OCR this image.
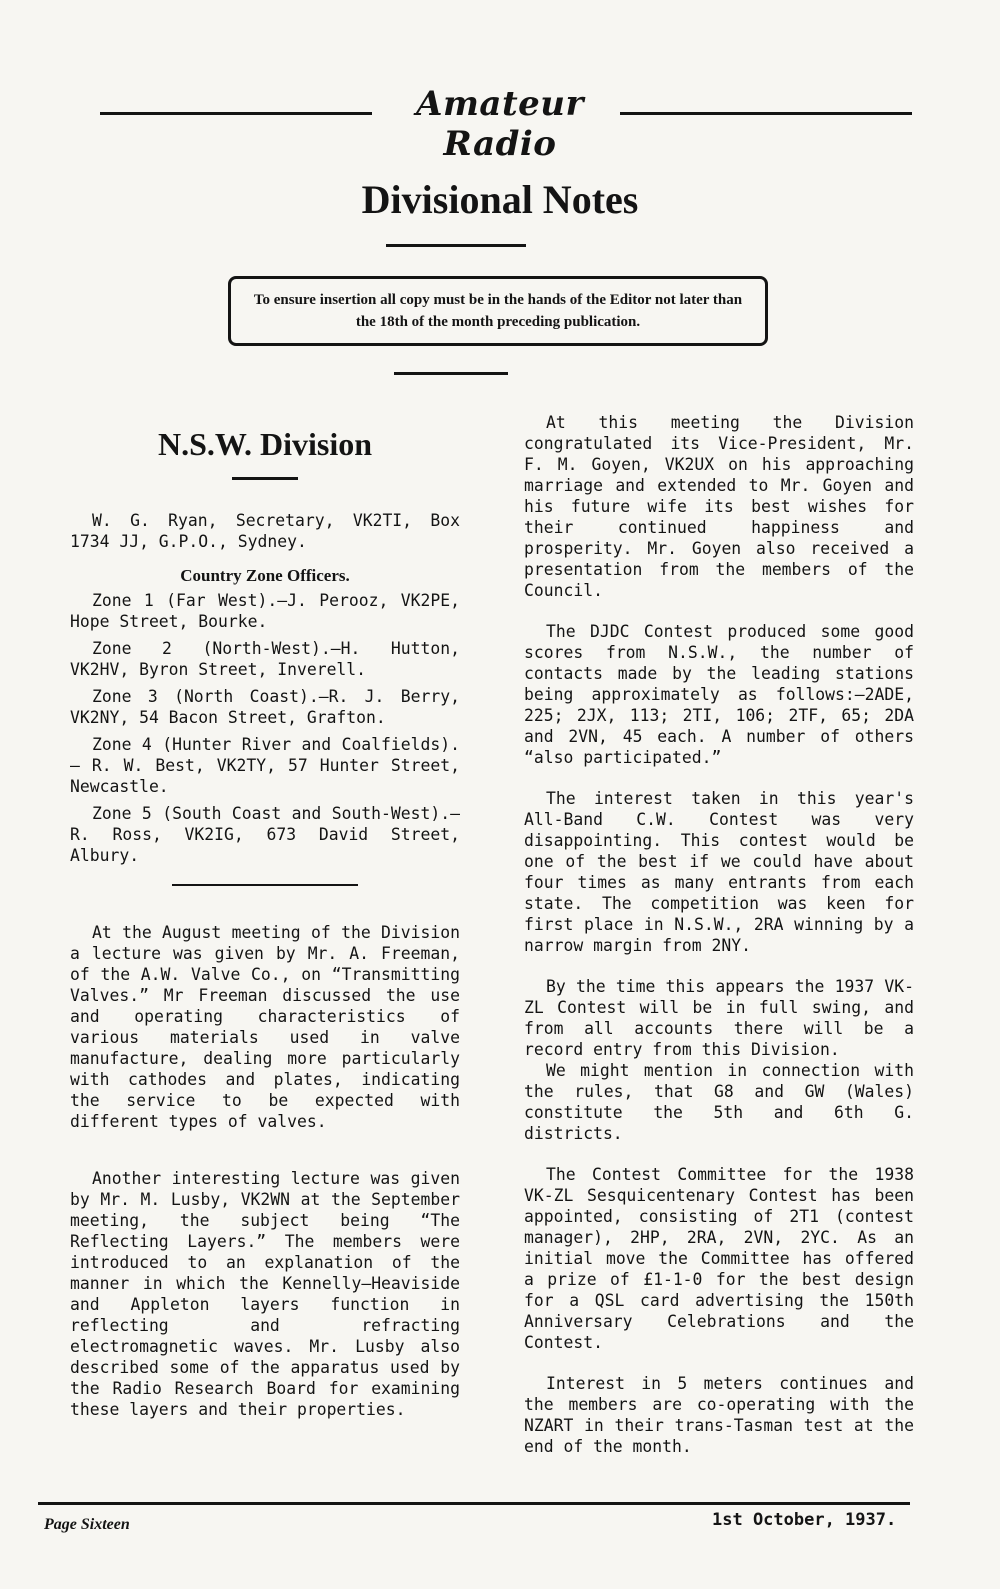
Amateur Radio
Divisional Notes
To ensure insertion all copy must be in the hands of the Editor not later than the 18th of the month preceding publication.
N.S.W. Division

W. G. Ryan, Secretary, VK2TI, Box 1734 JJ, G.P.O., Sydney.

Country Zone Officers.

Zone 1 (Far West).—J. Perooz, VK2PE, Hope Street, Bourke.

Zone 2 (North-West).—H. Hutton, VK2HV, Byron Street, Inverell.

Zone 3 (North Coast).—R. J. Berry, VK2NY, 54 Bacon Street, Grafton.

Zone 4 (Hunter River and Coalfields).— R. W. Best, VK2TY, 57 Hunter Street, Newcastle.

Zone 5 (South Coast and South-West).—R. Ross, VK2IG, 673 David Street, Albury.

At the August meeting of the Division a lecture was given by Mr. A. Freeman, of the A.W. Valve Co., on “Transmitting Valves.” Mr Freeman discussed the use and operating characteristics of various materials used in valve manufacture, dealing more particularly with cathodes and plates, indicating the service to be expected with different types of valves.

Another interesting lecture was given by Mr. M. Lusby, VK2WN at the September meeting, the subject being “The Reflecting Layers.” The members were introduced to an explanation of the manner in which the Kennelly—Heaviside and Appleton layers function in reflecting and refracting electromagnetic waves. Mr. Lusby also described some of the apparatus used by the Radio Research Board for examining these layers and their properties.

At this meeting the Division congratulated its Vice-President, Mr. F. M. Goyen, VK2UX on his approaching marriage and extended to Mr. Goyen and his future wife its best wishes for their continued happiness and prosperity. Mr. Goyen also received a presentation from the members of the Council.

The DJDC Contest produced some good scores from N.S.W., the number of contacts made by the leading stations being approximately as follows:—2ADE, 225; 2JX, 113; 2TI, 106; 2TF, 65; 2DA and 2VN, 45 each. A number of others “also participated.”

The interest taken in this year's All-Band C.W. Contest was very disappointing. This contest would be one of the best if we could have about four times as many entrants from each state. The competition was keen for first place in N.S.W., 2RA winning by a narrow margin from 2NY.

By the time this appears the 1937 VK-ZL Contest will be in full swing, and from all accounts there will be a record entry from this Division.

We might mention in connection with the rules, that G8 and GW (Wales) constitute the 5th and 6th G. districts.

The Contest Committee for the 1938 VK-ZL Sesquicentenary Contest has been appointed, consisting of 2T1 (contest manager), 2HP, 2RA, 2VN, 2YC. As an initial move the Committee has offered a prize of £1-1-0 for the best design for a QSL card advertising the 150th Anniversary Celebrations and the Contest.

Interest in 5 meters continues and the members are co-operating with the NZART in their trans-Tasman test at the end of the month.

Page Sixteen	1st October, 1937.
